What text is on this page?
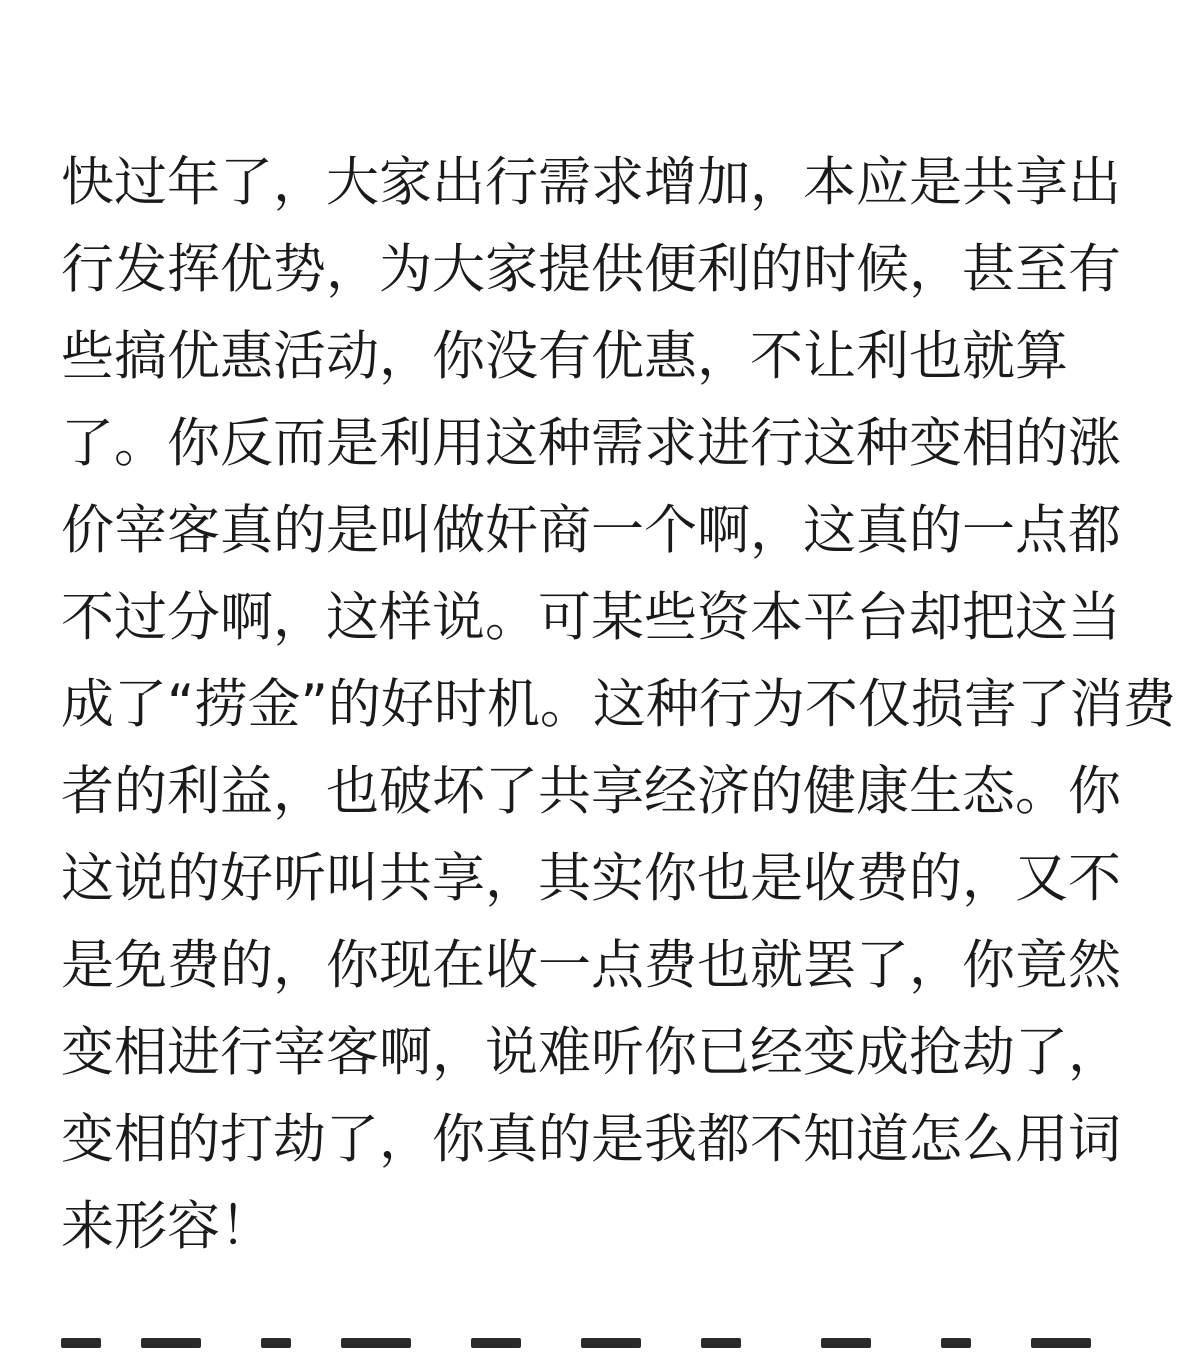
快过年了，大家出行需求增加，本应是共享出
行发挥优势，为大家提供便利的时候，甚至有
些搞优惠活动，你没有优惠，不让利也就算
了。你反而是利用这种需求进行这种变相的涨
价宰客真的是叫做奸商一个啊，这真的一点都
不过分啊，这样说。可某些资本平台却把这当
成了“捞金”的好时机。这种行为不仅损害了消费
者的利益，也破坏了共享经济的健康生态。你
这说的好听叫共享，其实你也是收费的，又不
是免费的，你现在收一点费也就罢了，你竟然
变相进行宰客啊，说难听你已经变成抢劫了，
变相的打劫了，你真的是我都不知道怎么用词
来形容！
